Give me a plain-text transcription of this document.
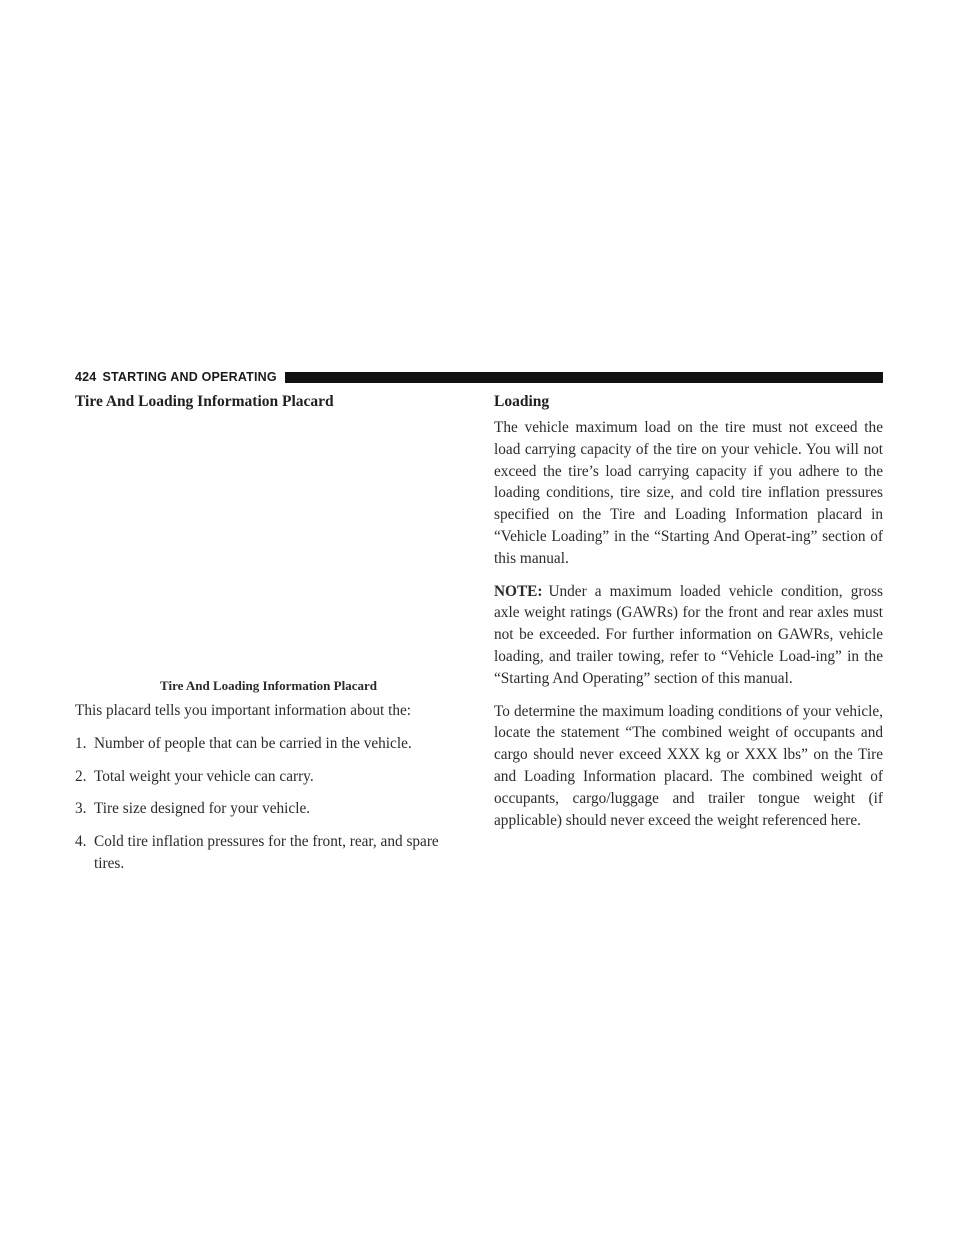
424 STARTING AND OPERATING
Tire And Loading Information Placard
Tire And Loading Information Placard

This placard tells you important information about the:

1. Number of people that can be carried in the vehicle.
2. Total weight your vehicle can carry.
3. Tire size designed for your vehicle.
4. Cold tire inflation pressures for the front, rear, and spare tires.
Loading

The vehicle maximum load on the tire must not exceed the load carrying capacity of the tire on your vehicle. You will not exceed the tire’s load carrying capacity if you adhere to the loading conditions, tire size, and cold tire inflation pressures specified on the Tire and Loading Information placard in “Vehicle Loading” in the “Starting And Operat-ing” section of this manual.

NOTE: Under a maximum loaded vehicle condition, gross axle weight ratings (GAWRs) for the front and rear axles must not be exceeded. For further information on GAWRs, vehicle loading, and trailer towing, refer to “Vehicle Load-ing” in the “Starting And Operating” section of this manual.

To determine the maximum loading conditions of your vehicle, locate the statement “The combined weight of occupants and cargo should never exceed XXX kg or XXX lbs” on the Tire and Loading Information placard. The combined weight of occupants, cargo/luggage and trailer tongue weight (if applicable) should never exceed the weight referenced here.
